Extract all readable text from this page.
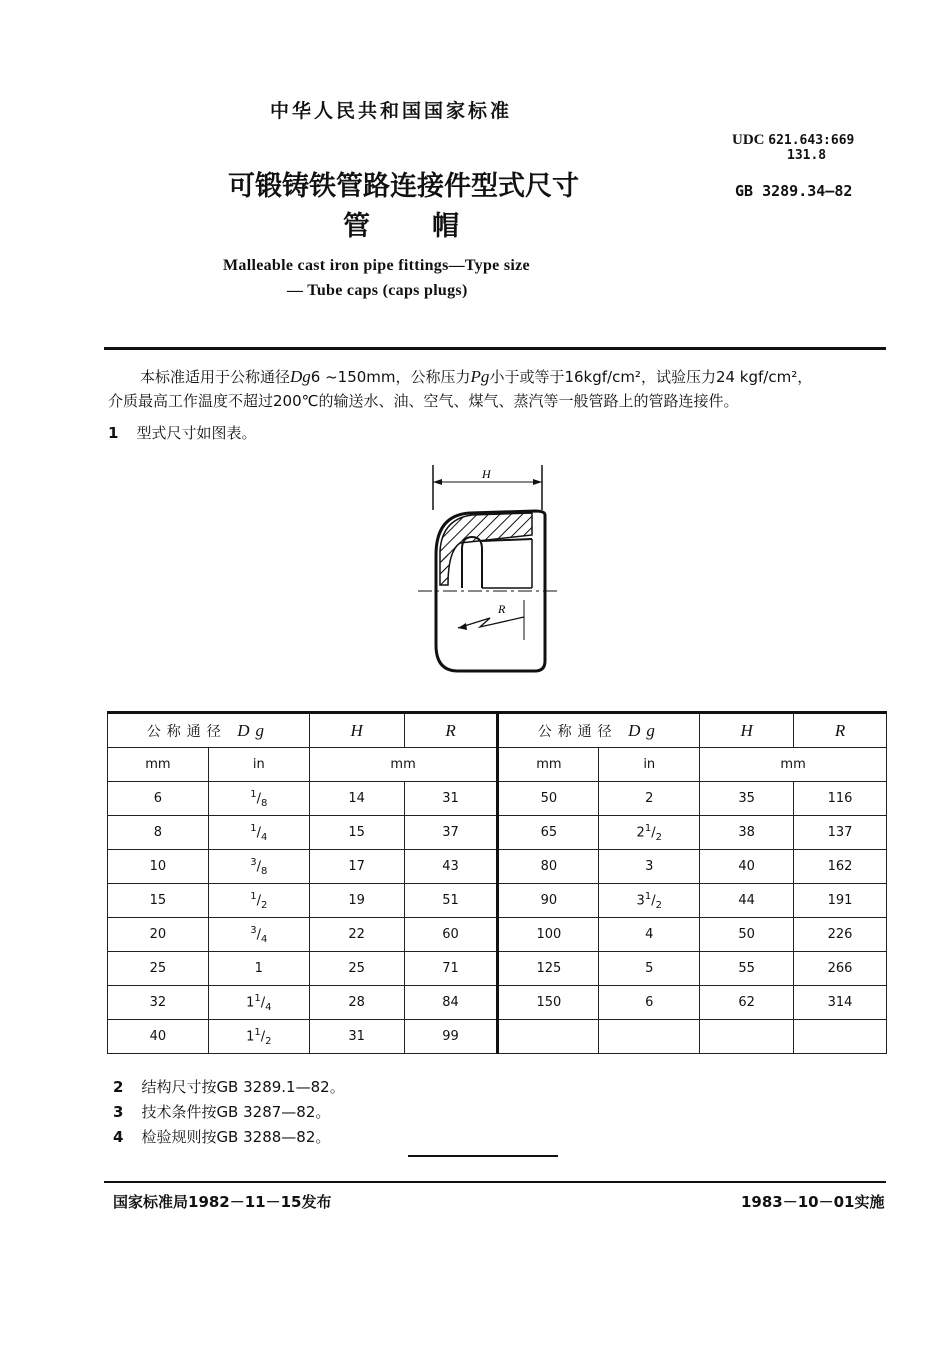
中华人民共和国国家标准
UDC 621.643:669
131.8
GB 3289.34—82
可锻铸铁管路连接件型式尺寸
管帽
Malleable cast iron pipe fittings—Type size
— Tube caps (caps plugs)
本标准适用于公称通径Dg6 ~150mm，公称压力Pg小于或等于16kgf/cm²，试验压力24 kgf/cm²，
介质最高工作温度不超过200℃的输送水、油、空气、煤气、蒸汽等一般管路上的管路连接件。
1 型式尺寸如图表。
H
R
公称通径 Dg		H	R	公称通径 Dg		H	R
mm	in	mm		mm	in	mm	
6	$^1/_8$	14	31	50	2	35	116
8	$^1/_4$	15	37	65	$2^1/_2$	38	137
10	$^3/_8$	17	43	80	3	40	162
15	$^1/_2$	19	51	90	$3^1/_2$	44	191
20	$^3/_4$	22	60	100	4	50	226
25	1	25	71	125	5	55	266
32	$1^1/_4$	28	84	150	6	62	314
40	$1^1/_2$	31	99				
2 结构尺寸按GB 3289.1—82。
3 技术条件按GB 3287—82。
4 检验规则按GB 3288—82。
国家标准局1982－11－15发布	1983－10－01实施
